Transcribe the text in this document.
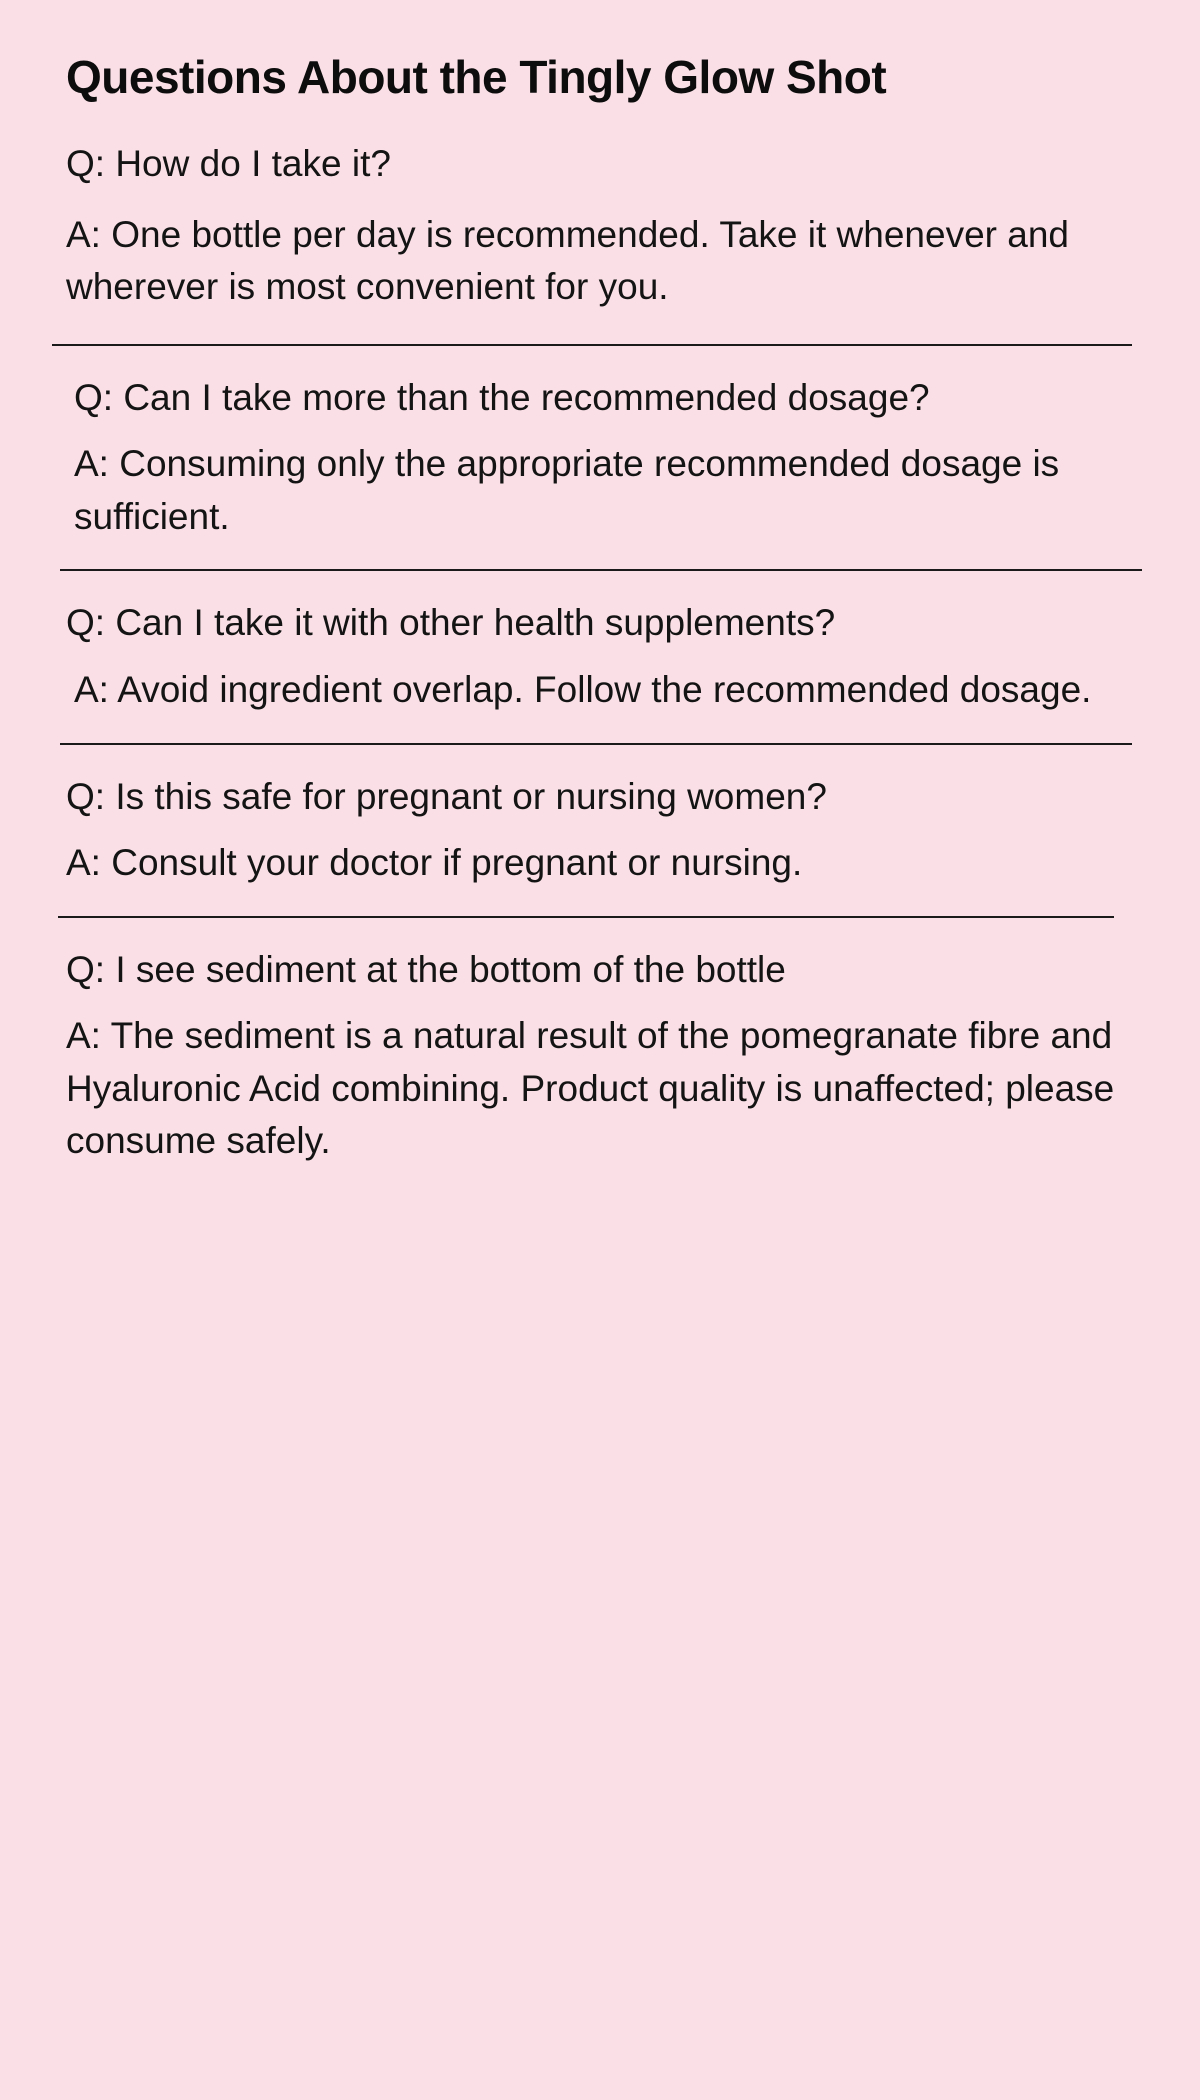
Questions About the Tingly Glow Shot

Q: How do I take it?

A: One bottle per day is recommended. Take it whenever and wherever is most convenient for you.

Q: Can I take more than the recommended dosage?

A: Consuming only the appropriate recommended dosage is sufficient.

Q: Can I take it with other health supplements?

A: Avoid ingredient overlap. Follow the recommended dosage.

Q: Is this safe for pregnant or nursing women?

A: Consult your doctor if pregnant or nursing.

Q: I see sediment at the bottom of the bottle

A: The sediment is a natural result of the pomegranate fibre and Hyaluronic Acid combining. Product quality is unaffected; please consume safely.
